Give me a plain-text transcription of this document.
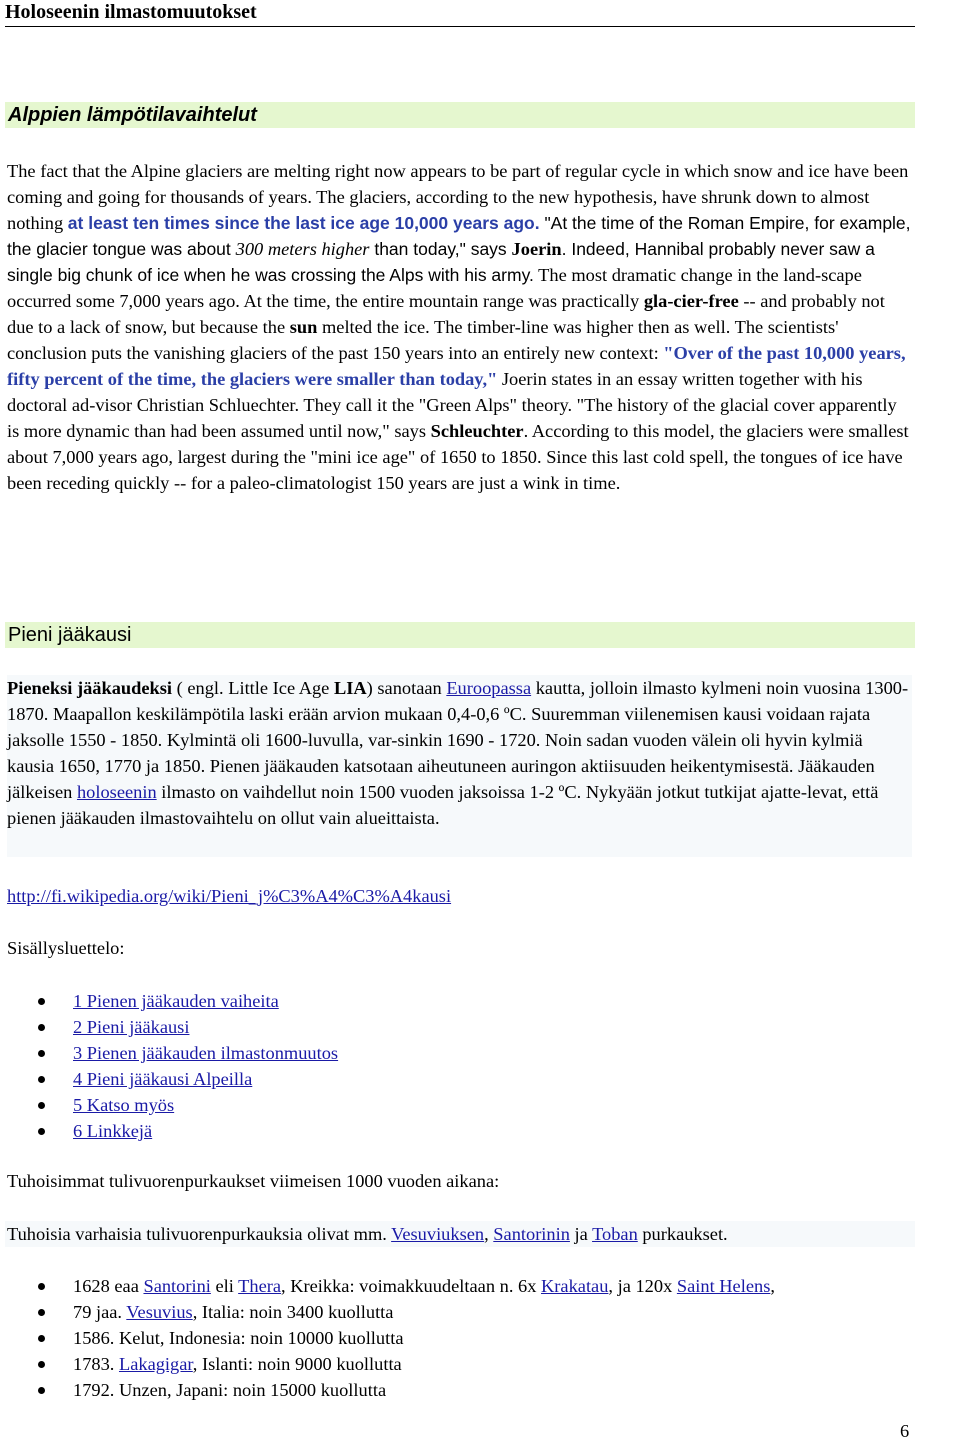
Holoseenin ilmastomuutokset
Alppien lämpötilavaihtelut
The fact that the Alpine glaciers are melting right now appears to be part of regular cycle in which snow and ice have been coming and going for thousands of years. The glaciers, according to the new hypothesis, have shrunk down to almost nothing at least ten times since the last ice age 10,000 years ago. "At the time of the Roman Empire, for example, the glacier tongue was about 300 meters higher than today," says Joerin. Indeed, Hannibal probably never saw a single big chunk of ice when he was crossing the Alps with his army. The most dramatic change in the land-scape occurred some 7,000 years ago. At the time, the entire mountain range was practically gla-cier-free -- and probably not due to a lack of snow, but because the sun melted the ice. The timber-line was higher then as well. The scientists' conclusion puts the vanishing glaciers of the past 150 years into an entirely new context: "Over of the past 10,000 years, fifty percent of the time, the glaciers were smaller than today," Joerin states in an essay written together with his doctoral ad-visor Christian Schluechter. They call it the "Green Alps" theory. "The history of the glacial cover apparently is more dynamic than had been assumed until now," says Schleuchter. According to this model, the glaciers were smallest about 7,000 years ago, largest during the "mini ice age" of 1650 to 1850. Since this last cold spell, the tongues of ice have been receding quickly -- for a paleo-climatologist 150 years are just a wink in time.
Pieni jääkausi
Pieneksi jääkaudeksi ( engl. Little Ice Age LIA) sanotaan Euroopassa kautta, jolloin ilmasto kylmeni noin vuosina 1300-1870. Maapallon keskilämpötila laski erään arvion mukaan 0,4-0,6 ºC. Suuremman viilenemisen kausi voidaan rajata jaksolle 1550 - 1850. Kylmintä oli 1600-luvulla, var-sinkin 1690 - 1720. Noin sadan vuoden välein oli hyvin kylmiä kausia 1650, 1770 ja 1850. Pienen jääkauden katsotaan aiheutuneen auringon aktiisuuden heikentymisestä. Jääkauden jälkeisen holoseenin ilmasto on vaihdellut noin 1500 vuoden jaksoissa 1-2 ºC. Nykyään jotkut tutkijat ajatte-levat, että pienen jääkauden ilmastovaihtelu on ollut vain alueittaista.
http://fi.wikipedia.org/wiki/Pieni_j%C3%A4%C3%A4kausi
Sisällysluettelo:
1 Pienen jääkauden vaiheita
2 Pieni jääkausi
3 Pienen jääkauden ilmastonmuutos
4 Pieni jääkausi Alpeilla
5 Katso myös
6 Linkkejä
Tuhoisimmat tulivuorenpurkaukset viimeisen 1000 vuoden aikana:
Tuhoisia varhaisia tulivuorenpurkauksia olivat mm. Vesuviuksen, Santorinin ja Toban purkaukset.
1628 eaa Santorini eli Thera, Kreikka: voimakkuudeltaan n. 6x Krakatau, ja 120x Saint Helens,
79 jaa. Vesuvius, Italia: noin 3400 kuollutta
1586. Kelut, Indonesia: noin 10000 kuollutta
1783. Lakagigar, Islanti: noin 9000 kuollutta
1792. Unzen, Japani: noin 15000 kuollutta
6
